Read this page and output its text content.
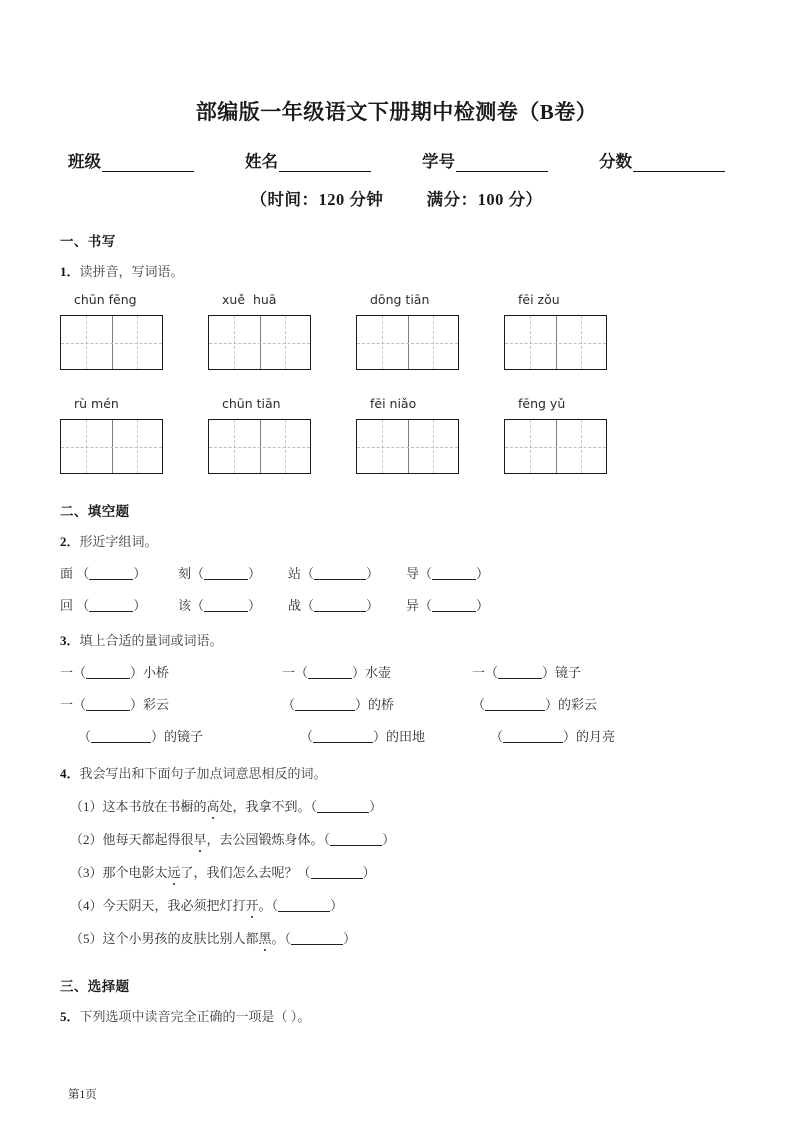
部编版一年级语文下册期中检测卷（B卷）
班级	姓名	学号	分数
（时间：120 分钟	满分：100 分）
一、书写
1．读拼音，写词语。
chūn fēng	xuě  huā	dōng tiān	fēi zǒu
rù mén	chūn tiān	fēi niǎo	fēng yǔ
二、填空题
2．形近字组词。
面 （	）	刻（	）	站（	）	导（	）
回 （	）	该（	）	战（	）	异（	）
3．填上合适的量词或词语。
一（	）小桥	一（	）水壶	一（	）镜子
一（	）彩云	（	）的桥	（	）的彩云
（	）的镜子	（	）的田地	（	）的月亮
4．我会写出和下面句子加点词意思相反的词。
（1）这本书放在书橱的高处，我拿不到。（	）
（2）他每天都起得很早，去公园锻炼身体。（	）
（3）那个电影太远了，我们怎么去呢？（	）
（4）今天阴天，我必须把灯打开。（	）
（5）这个小男孩的皮肤比别人都黑。（	）
三、选择题
5．下列选项中读音完全正确的一项是（ ）。
第1页
